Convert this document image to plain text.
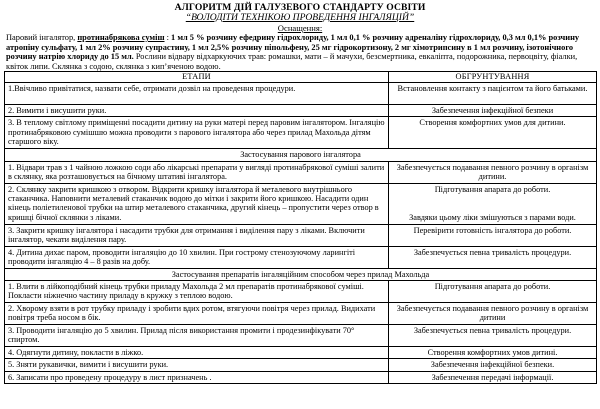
АЛГОРИТМ ДІЙ ГАЛУЗЕВОГО СТАНДАРТУ ОСВІТИ
“ВОЛОДІТИ ТЕХНІКОЮ ПРОВЕДЕННЯ ІНГАЛЯЦІЙ”
Оснащення:
Паровий інгалятор, протинабрякова суміш : 1 мл 5 % розчину ефедрину гідрохлориду, 1 мл 0,1 % розчину адреналіну гідрохлориду, 0,3 мл 0,1% розчину атропіну сульфату, 1 мл 2% розчину супрастину, 1 мл 2,5% розчину піпольфену, 25 мг гідрокортизону, 2 мг хімотрипсину в 1 мл розчину, ізотонічного розчину натрію хлориду до 15 мл. Рослини відвару відхаркуючих трав: ромашки, мати – й мачухи, безсмертника, евкаліпта, подорожника, первоцвіту, фіалки, квіток липи. Склянка з содою, склянка з кип’яченою водою.
ЕТАПИ	ОБГРУНТУВАННЯ
1.Ввічливо привітатися, назвати себе, отримати дозвіл на проведення процедури.	Встановлення контакту з пацієнтом та його батьками.
2. Вимити і висушити руки.	Забезпечення інфекційної безпеки
3. В теплому світлому приміщенні посадити дитину на руки матері перед паровим інгалятором. Інгаляцію протинабряковою сумішшю можна проводити з парового інгалятора або через прилад Махольда дітям старшого віку.	Створення комфортних умов для дитини.
Застосування парового інгалятора	
1. Відвари трав з 1 чайною ложкою соди або лікарські препарати у вигляді протинабрякової суміші залити в склянку, яка розташовується на бічному штативі інгалятора.	Забезпечується подавання певного розчину в організм дитини.
2. Склянку закрити кришкою з отвором. Відкрити кришку інгалятора й металевого внутрішнього стаканчика. Наповнити металевий стаканчик водою до мітки і закрити його кришкою. Насадити один кінець поліетиленової трубки на штир металевого стаканчика, другий кінець – пропустити через отвор в кришці бічної склянки з ліками.	Підготування апарата до роботи.
Завдяки цьому ліки змішуються з парами води.

3. Закрити кришку інгалятора і насадити трубки для отримання і виділення пару з ліками. Включити інгалятор, чекати виділення пару.	Перевірити готовність інгалятора до роботи.
4. Дитина дихає паром, проводити інгаляцію до 10 хвилин. При гострому стенозуючому ларингіті проводити інгаляцію 4 – 8 разів на добу.	Забезпечується певна тривалість процедури.
Застосування препаратів інгаляційним способом через прилад Махольда	
1. Влити в лійкоподібний кінець трубки приладу Махольда 2 мл препаратів протинабрякової суміші. Покласти ніжнечно частину приладу в кружку з теплою водою.	Підготування апарата до роботи.
2. Хворому взяти в рот трубку приладу і зробити вдих ротом, втягуючи повітря через прилад. Видихати повітря треба носом в бік.	Забезпечується подавання певного розчину в організм дитини
3. Проводити інгаляцію до 5 хвилин. Прилад після використання промити і продезинфікувати 70° спиртом.	Забезпечується певна тривалість процедури.
4. Одягнути дитину, покласти в ліжко.	Створення комфортних умов дитині.
5. Зняти рукавички, вимити і висушити руки.	Забезпечення інфекційної безпеки.
6. Записати про проведену процедуру в лист призначень .	Забезпечення передачі інформації.
